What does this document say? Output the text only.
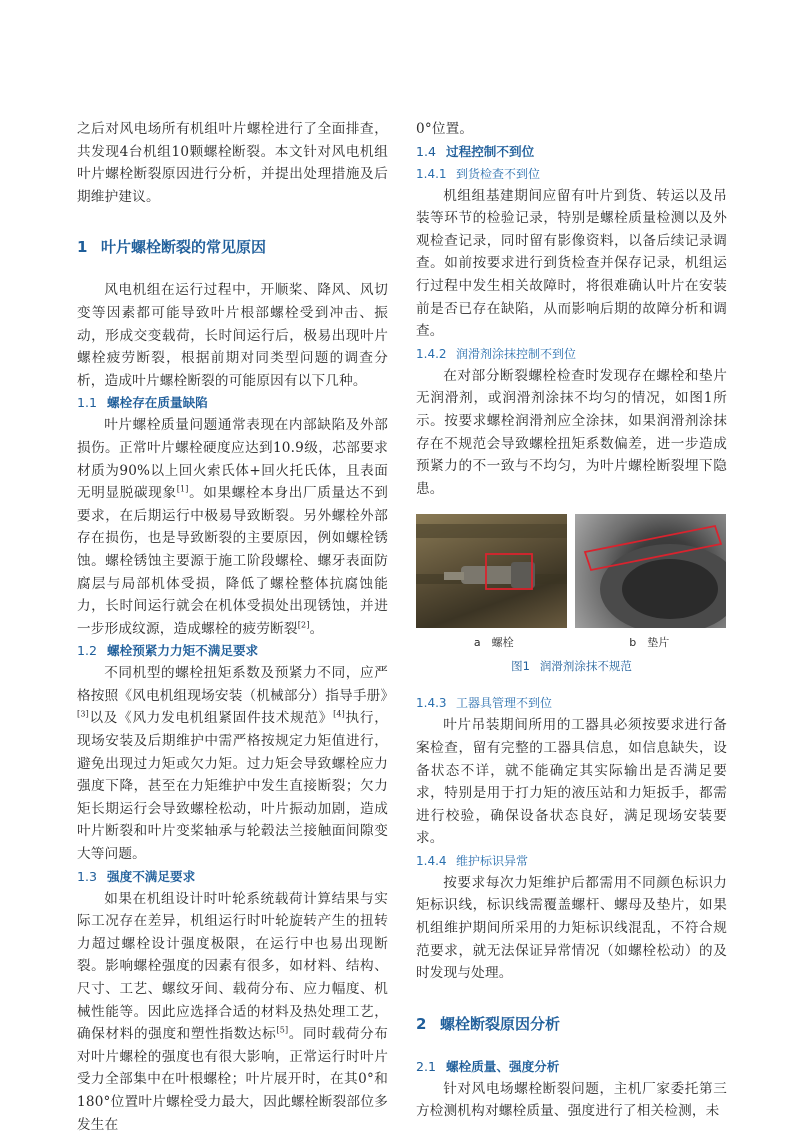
之后对风电场所有机组叶片螺栓进行了全面排查，共发现4台机组10颗螺栓断裂。本文针对风电机组叶片螺栓断裂原因进行分析，并提出处理措施及后期维护建议。

1 叶片螺栓断裂的常见原因

风电机组在运行过程中，开顺桨、降风、风切变等因素都可能导致叶片根部螺栓受到冲击、振动，形成交变载荷，长时间运行后，极易出现叶片螺栓疲劳断裂，根据前期对同类型问题的调查分析，造成叶片螺栓断裂的可能原因有以下几种。

1.1 螺栓存在质量缺陷

叶片螺栓质量问题通常表现在内部缺陷及外部损伤。正常叶片螺栓硬度应达到10.9级，芯部要求材质为90%以上回火索氏体+回火托氏体，且表面无明显脱碳现象[1]。如果螺栓本身出厂质量达不到要求，在后期运行中极易导致断裂。另外螺栓外部存在损伤，也是导致断裂的主要原因，例如螺栓锈蚀。螺栓锈蚀主要源于施工阶段螺栓、螺牙表面防腐层与局部机体受损，降低了螺栓整体抗腐蚀能力，长时间运行就会在机体受损处出现锈蚀，并进一步形成纹源，造成螺栓的疲劳断裂[2]。

1.2 螺栓预紧力力矩不满足要求

不同机型的螺栓扭矩系数及预紧力不同，应严格按照《风电机组现场安装（机械部分）指导手册》[3]以及《风力发电机组紧固件技术规范》[4]执行，现场安装及后期维护中需严格按规定力矩值进行，避免出现过力矩或欠力矩。过力矩会导致螺栓应力强度下降，甚至在力矩维护中发生直接断裂；欠力矩长期运行会导致螺栓松动，叶片振动加剧，造成叶片断裂和叶片变桨轴承与轮毂法兰接触面间隙变大等问题。

1.3 强度不满足要求

如果在机组设计时叶轮系统载荷计算结果与实际工况存在差异，机组运行时叶轮旋转产生的扭转力超过螺栓设计强度极限，在运行中也易出现断裂。影响螺栓强度的因素有很多，如材料、结构、尺寸、工艺、螺纹牙间、载荷分布、应力幅度、机械性能等。因此应选择合适的材料及热处理工艺，确保材料的强度和塑性指数达标[5]。同时载荷分布对叶片螺栓的强度也有很大影响，正常运行时叶片受力全部集中在叶根螺栓；叶片展开时，在其0°和180°位置叶片螺栓受力最大，因此螺栓断裂部位多发生在

0°位置。

1.4 过程控制不到位
1.4.1 到货检查不到位

机组组基建期间应留有叶片到货、转运以及吊装等环节的检验记录，特别是螺栓质量检测以及外观检查记录，同时留有影像资料，以备后续记录调查。如前按要求进行到货检查并保存记录，机组运行过程中发生相关故障时，将很难确认叶片在安装前是否已存在缺陷，从而影响后期的故障分析和调查。

1.4.2 润滑剂涂抹控制不到位

在对部分断裂螺栓检查时发现存在螺栓和垫片无润滑剂，或润滑剂涂抹不均匀的情况，如图1所示。按要求螺栓润滑剂应全涂抹，如果润滑剂涂抹存在不规范会导致螺栓扭矩系数偏差，进一步造成预紧力的不一致与不均匀，为叶片螺栓断裂埋下隐患。

a　螺栓	b　垫片
图1 润滑剂涂抹不规范
1.4.3 工器具管理不到位

叶片吊装期间所用的工器具必须按要求进行备案检查，留有完整的工器具信息，如信息缺失，设备状态不详，就不能确定其实际输出是否满足要求，特别是用于打力矩的液压站和力矩扳手，都需进行校验，确保设备状态良好，满足现场安装要求。

1.4.4 维护标识异常

按要求每次力矩维护后都需用不同颜色标识力矩标识线，标识线需覆盖螺杆、螺母及垫片，如果机组维护期间所采用的力矩标识线混乱，不符合规范要求，就无法保证异常情况（如螺栓松动）的及时发现与处理。

2 螺栓断裂原因分析
2.1 螺栓质量、强度分析

针对风电场螺栓断裂问题，主机厂家委托第三方检测机构对螺栓质量、强度进行了相关检测，未
